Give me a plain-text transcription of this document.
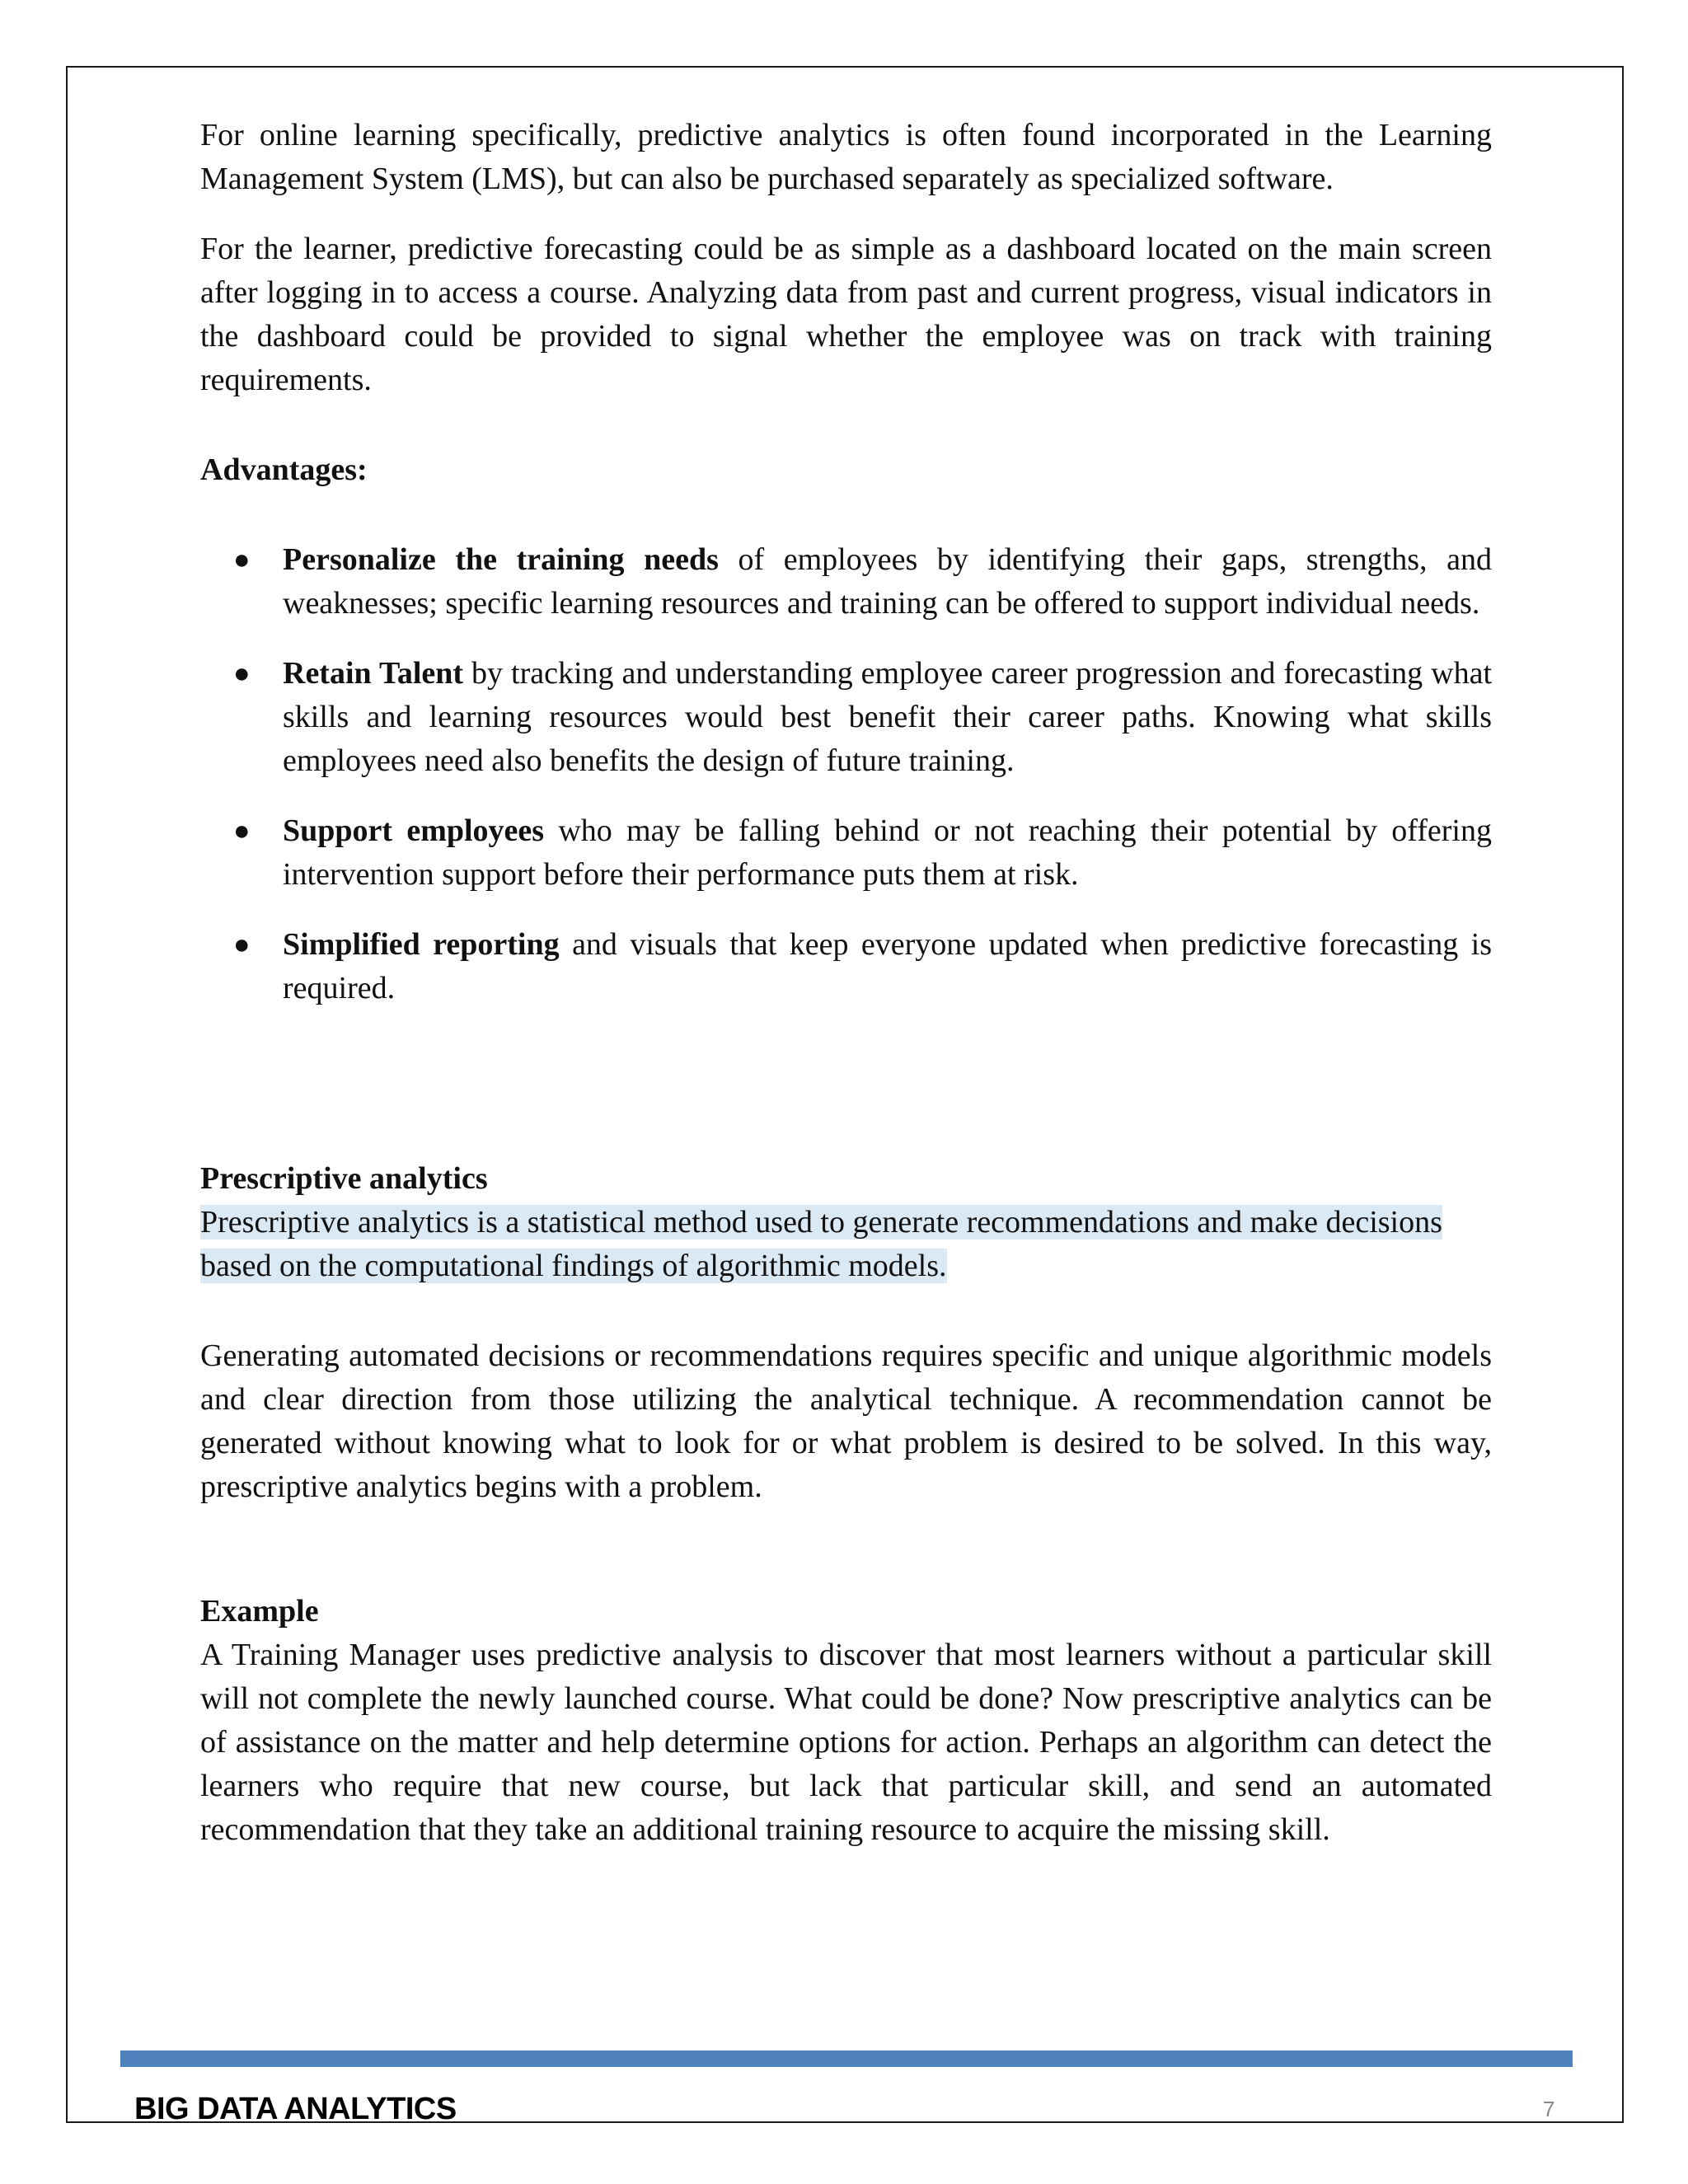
For online learning specifically, predictive analytics is often found incorporated in the Learning Management System (LMS), but can also be purchased separately as specialized software.

For the learner, predictive forecasting could be as simple as a dashboard located on the main screen after logging in to access a course. Analyzing data from past and current progress, visual indicators in the dashboard could be provided to signal whether the employee was on track with training requirements.

Advantages:

● Personalize the training needs of employees by identifying their gaps, strengths, and weaknesses; specific learning resources and training can be offered to support individual needs.
● Retain Talent by tracking and understanding employee career progression and forecasting what skills and learning resources would best benefit their career paths. Knowing what skills employees need also benefits the design of future training.
● Support employees who may be falling behind or not reaching their potential by offering intervention support before their performance puts them at risk.
● Simplified reporting and visuals that keep everyone updated when predictive forecasting is required.

Prescriptive analytics

Prescriptive analytics is a statistical method used to generate recommendations and make decisions
based on the computational findings of algorithmic models.

Generating automated decisions or recommendations requires specific and unique algorithmic models and clear direction from those utilizing the analytical technique. A recommendation cannot be generated without knowing what to look for or what problem is desired to be solved. In this way, prescriptive analytics begins with a problem.

Example

A Training Manager uses predictive analysis to discover that most learners without a particular skill will not complete the newly launched course. What could be done? Now prescriptive analytics can be of assistance on the matter and help determine options for action. Perhaps an algorithm can detect the learners who require that new course, but lack that particular skill, and send an automated recommendation that they take an additional training resource to acquire the missing skill.

BIG DATA ANALYTICS	7
